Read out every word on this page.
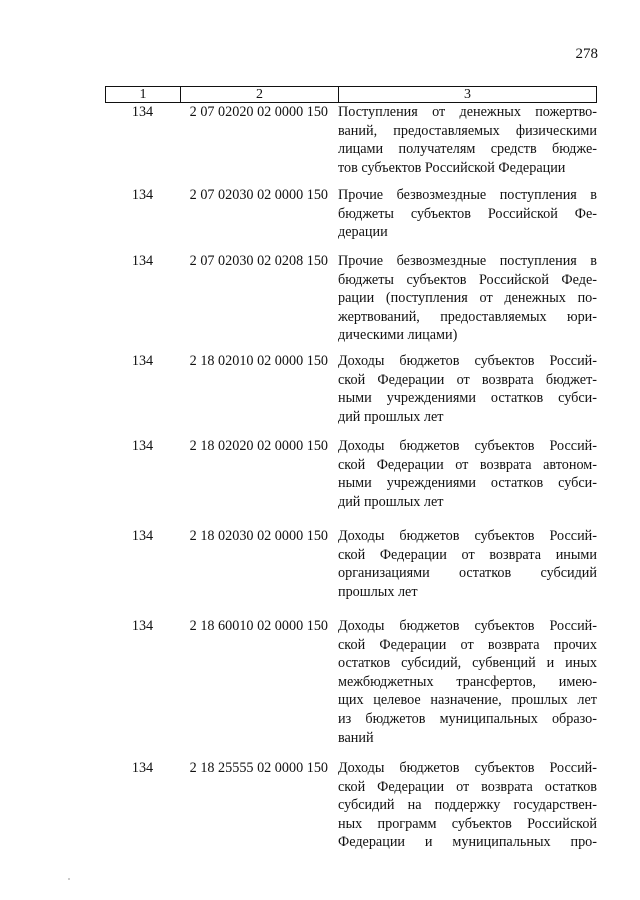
278
1	2	3
134	2 07 02020 02 0000 150 Поступления от денежных пожертво-
ваний, предоставляемых физическими
лицами получателям средств бюдже-
тов субъектов Российской Федерации
134	2 07 02030 02 0000 150 Прочие безвозмездные поступления в
бюджеты субъектов Российской Фе-
дерации
134	2 07 02030 02 0208 150 Прочие безвозмездные поступления в
бюджеты субъектов Российской Феде-
рации (поступления от денежных по-
жертвований, предоставляемых юри-
дическими лицами)
134	2 18 02010 02 0000 150 Доходы бюджетов субъектов Россий-
ской Федерации от возврата бюджет-
ными учреждениями остатков субси-
дий прошлых лет
134	2 18 02020 02 0000 150 Доходы бюджетов субъектов Россий-
ской Федерации от возврата автоном-
ными учреждениями остатков субси-
дий прошлых лет
134	2 18 02030 02 0000 150 Доходы бюджетов субъектов Россий-
ской Федерации от возврата иными
организациями остатков субсидий
прошлых лет
134	2 18 60010 02 0000 150 Доходы бюджетов субъектов Россий-
ской Федерации от возврата прочих
остатков субсидий, субвенций и иных
межбюджетных трансфертов, имею-
щих целевое назначение, прошлых лет
из бюджетов муниципальных образо-
ваний
134	2 18 25555 02 0000 150 Доходы бюджетов субъектов Россий-
ской Федерации от возврата остатков
субсидий на поддержку государствен-
ных программ субъектов Российской
Федерации и муниципальных про-
